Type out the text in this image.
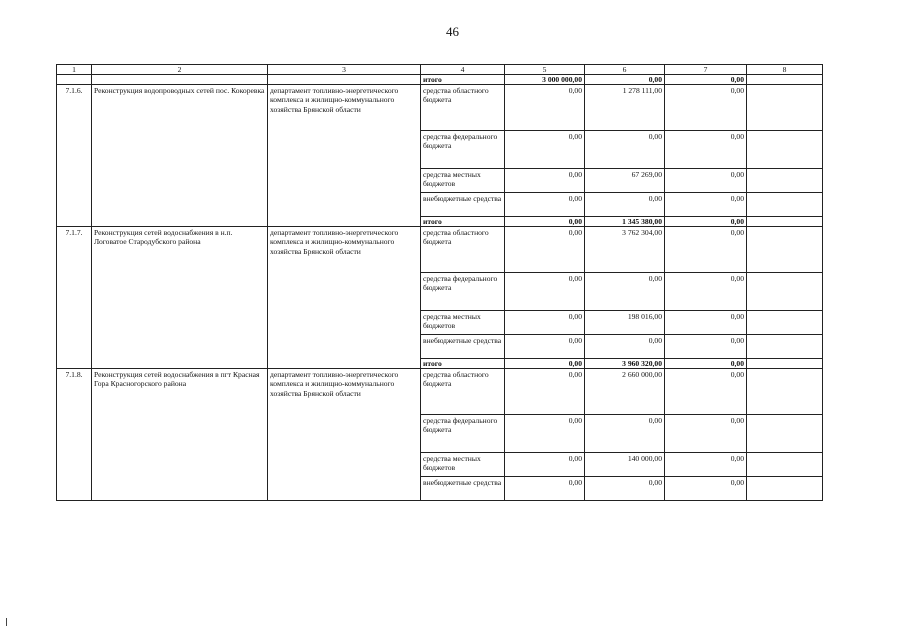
46
1	2	3	4	5	6	7	8
			итого	3 000 000,00	0,00	0,00	
7.1.6.	Реконструкция водопроводных сетей пос. Кокоревка	департамент топливно-энергетического комплекса и жилищно-коммунального хозяйства Брянской области	средства областного бюджета	0,00	1 278 111,00	0,00	
			средства федерального бюджета	0,00	0,00	0,00	
			средства местных бюджетов	0,00	67 269,00	0,00	
			внебюджетные средства	0,00	0,00	0,00	
			итого	0,00	1 345 380,00	0,00	
7.1.7.	Реконструкция сетей водоснабжения в н.п. Логоватое Стародубского района	департамент топливно-энергетического комплекса и жилищно-коммунального хозяйства Брянской области	средства областного бюджета	0,00	3 762 304,00	0,00	
			средства федерального бюджета	0,00	0,00	0,00	
			средства местных бюджетов	0,00	198 016,00	0,00	
			внебюджетные средства	0,00	0,00	0,00	
			итого	0,00	3 960 320,00	0,00	
7.1.8.	Реконструкция сетей водоснабжения в пгт Красная Гора Красногорского района	департамент топливно-энергетического комплекса и жилищно-коммунального хозяйства Брянской области	средства областного бюджета	0,00	2 660 000,00	0,00	
			средства федерального бюджета	0,00	0,00	0,00	
			средства местных бюджетов	0,00	140 000,00	0,00	
			внебюджетные средства	0,00	0,00	0,00	
